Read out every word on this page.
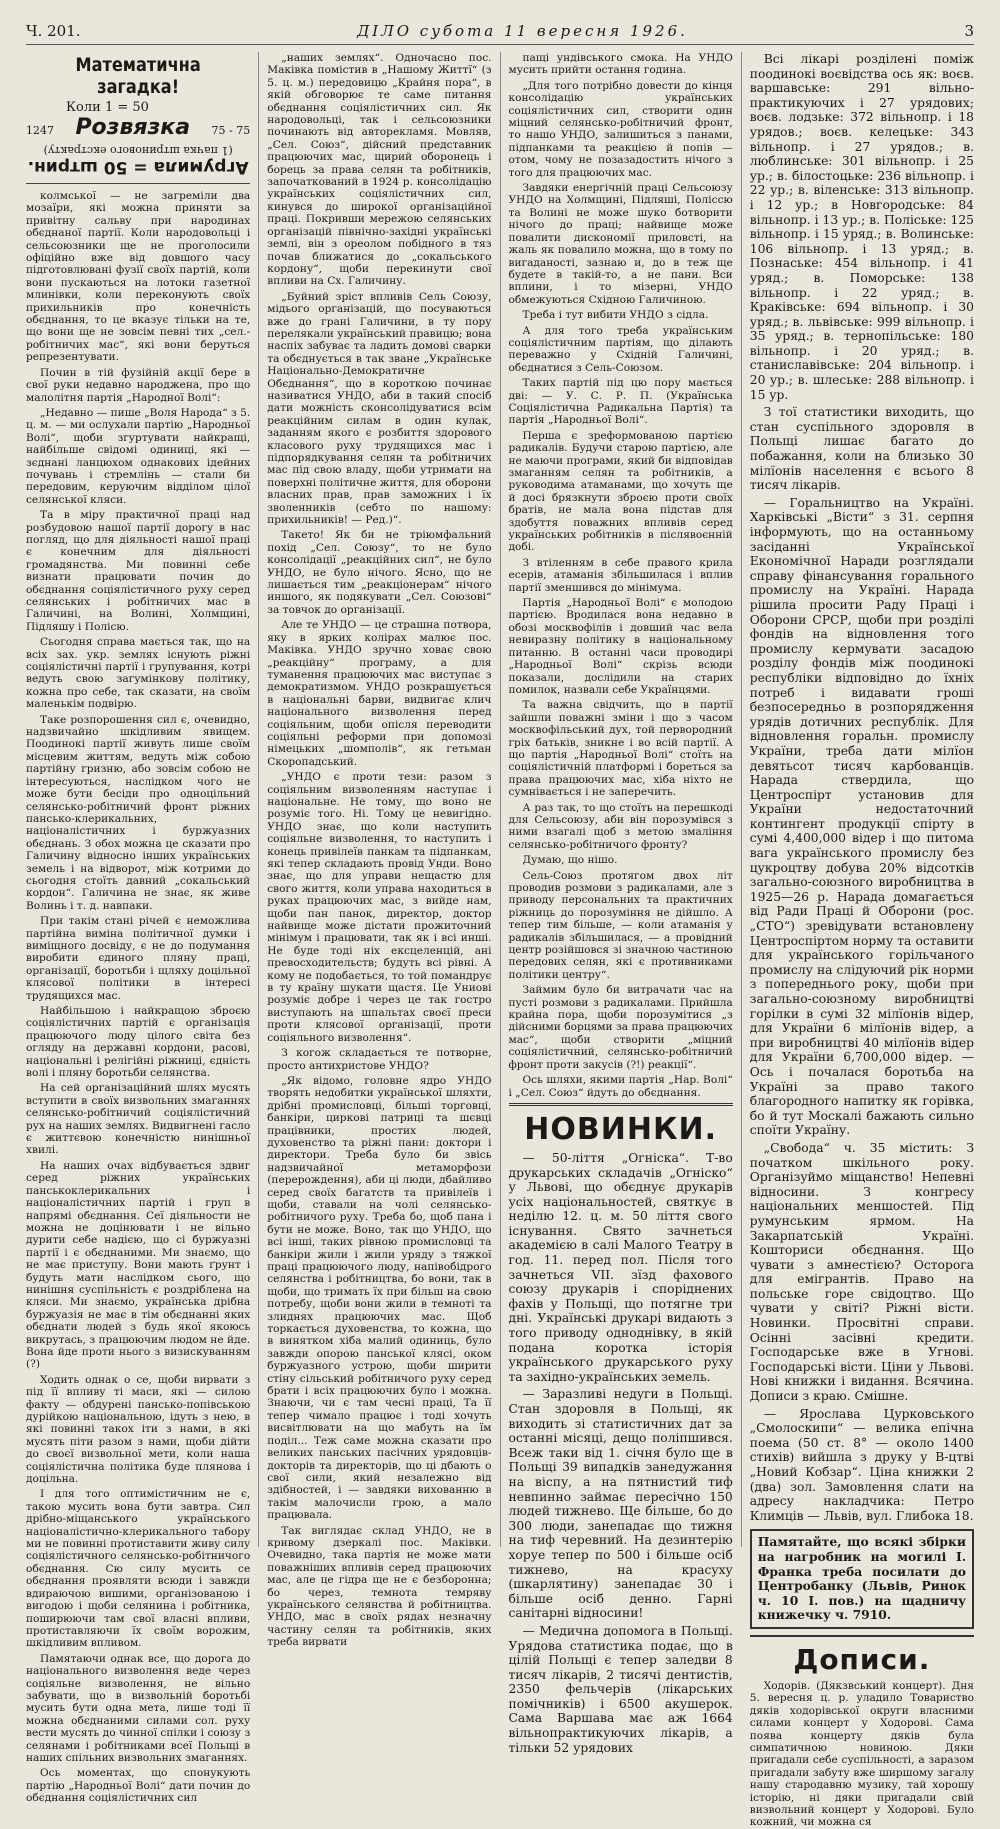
Ч. 201.	ДІЛО субота 11 вересня 1926.	3
Математична загадка!
Коли 1 = 50
1247 Розвязка 75 - 75
Агрумила = 50 штрин.
(1 пачка штринового екстракту)

колмської — не загреміли два мозаїри, які можна приняти за привітну сальву при народинах обєднаної партії. Коли народовольці і сельсоюзники ще не проголосили офіційно вже від довшого часу підготовлювані фузії своїх партій, коли вони пускаються на лотоки газетної млинівки, коли переконують своїх прихильників про конечність обєднання, то це вказує тільки на те, що вони ще не зовсім певні тих „сел.-робітничих мас“, які вони беруться репрезентувати.

Почин в тій фузійній акції бере в свої руки недавно народжена, про що малолітня партія „Народної Волі“:

„Недавно — пише „Воля Народа“ з 5. ц. м. — ми ослухали партію „Народньої Волі“, щоби згуртувати найкращі, найбільше свідомі одиниці, які — зєднані ланцюхом однакових ідейних почувань і стремлінь — стали би передовим, керуючим відділом цілої селянської кляси.

Та в міру практичної праці над розбудовою нашої партії дорогу в нас погляд, що для діяльності нашої праці є конечним для діяльності громадянства. Ми повинні себе визнати працювати почин до обєднання соціялістичного руху серед селянських і робітничих мас в Галичині, на Волині, Холмщині, Підляшу і Полісю.

Сьогодня справа мається так, що на всіх зах. укр. землях існують ріжні соціялістичні партії і групування, котрі ведуть свою загумінкову політику, кожна про себе, так сказати, на своїм маленькім подвірю.

Таке розпорошення сил є, очевидно, надзвичайно шкідливим явищем. Поодинокі партії живуть лише своїм місцевим життям, ведуть між собою партійну гризню, або зовсім собою не інтересуються, наслідком чого не може бути бесіди про одноцільний селянсько-робітничий фронт ріжних пансько-клерикальних, націоналістичних і буржуазних обєднань. З обох можна це сказати про Галичину відносно інших українських земель і на відворот, між котрими до сьогодня стоїть давний „сокальський кордон“. Галичина не знає, як живе Волинь і т. д. навпаки.

При такім стані річей є неможлива партійна виміна політичної думки і виміщного досвіду, є не до подумання виробити єдиного пляну праці, організації, боротьби і щляху доцільної клясової політики в інтересі трудящихся мас.

Найбільшою і найкращою зброєю соціялістичних партій є організація працюючого люду цілого світа без огляду на державні кордони, расові, національні і релігійні ріжниці, єдність волі і пляну боротьби селянства.

На сей організаційний шлях мусять вступити в своїх визвольних змаганнях селянсько-робітничий соціялістичний рух на наших землях. Видвигнені гасло є життєвою конечністю нинішньої хвилі.

На наших очах відбувається здвиг серед ріжних українських панськоклерикальних і націоналістичних партій і груп в напрямі обєднання. Сеї діяльности не можна не доцінювати і не вільно дурити себе надією, що сі буржуазні партії і є обєднаними. Ми знаємо, що не має приступу. Вони мають ґрунт і будуть мати наслідком сього, що нинішня суспільність є роздріблена на кляси. Ми знаємо, українська дрібна буржуазія не має в тім обєднанні яких обєднати людей з будь якої якоюсь викрутась, з працюючим людом не йде. Вона йде проти нього з визискуванням (?)

Ходить однак о се, щоби вирвати з під її впливу ті маси, які — силою факту — обдурені пансько-попівською дурійкою національною, ідуть з нею, в які повинні такох іти з нами, в які мусять піти разом з нами, щоби дійти до своєї визвольної мети, коли наша соціялістична політика буде плянова і доцільна.

І для того оптимістичним не є, такою мусить вона бути завтра. Сил дрібно-міщанського українського націоналістично-клерикального табору ми не повинні протиставити живу силу соціялістичного селянсько-робітничого обєднання. Сю силу мусить се обєднання проявляти всюди і завжди вдираючою вишими, організованою і вигодою і щоби селянина і робітника, поширюючи там свої власні впливи, протиставляючи їх своїм ворожим, шкідливим впливом.

Памятаючи однак все, що дорога до національного визволення веде через соціяльне визволення, не вільно забувати, що в визвольній боротьбі мусить бути одна мета, лише тоді її можна обєднаними силами сол. руху вести мусять до чинної спілки і союзу з селянами і робітниками всеї Польщі в наших спільних визвольних змаганнях.

Ось моментах, що спонукують партію „Народньої Волі“ дати почин до обєднання соціялістичних сил

„наших землях“. Одночасно пос. Маківка помістив в „Нашому Життї“ (з 5. ц. м.) передовицю „Крайня пора“, в якій обговорює те саме питання обєднання соціялістичних сил. Як народовольці, так і сельсоюзники починають від авторекламя. Мовляв, „Сел. Союз“, дійсний представник працюючих мас, щирий оборонець і борець за права селян та робітників, започаткований в 1924 р. консолідацію українських соціялістичних сил, кинувся до широкої організаційної праці. Покривши мережою селянських організацій північно-західні українські землі, він з ореолом побідного в тяз почав ближатися до „сокальського кордону“, щоби перекинути свої впливи на Сх. Галичину.

„Буйний зріст впливів Сель Союзу, мідього організацій, що посуваються вже до грані Галичини, в ту пору перелякали український правицю; вона наспіх забуває та ладить домові сварки та обєднується в так зване „Українське Національно-Демократичне Обєднання“, що в короткою починає називатися УНДО, аби в такий спосіб дати можність сконсолідуватися всім реакційним силам в один кулак, заданням якого є розбиття здорового класового руху трудящихся мас і підпорядкування селян та робітничих мас під свою владу, щоби утримати на поверхні політичне життя, для оборони власних прав, прав заможних і їх зволенників (себто по нашому: прихильників! — Ред.)“.

Такето! Як би не тріюмфальний похід „Сел. Союзу“, то не було консолідації „реакційних сил“, не було УНДО, не було нічого. Ясно, що не лишається тим „реакціонерам“ нічого иншого, як подякувати „Сел. Союзові“ за товчок до організації.

Але те УНДО — це страшна потвора, яку в ярких колірах малює пос. Маківка. УНДО зручно ховає свою „реакційну“ програму, а для туманення працюючих мас виступає з демократизмом. УНДО розкрашується в національні барви, видвигає клич національного визволення перед соціяльним, щоби опісля переводити соціяльні реформи при допомозі німецьких „шомполів“, як гетьман Скоропадський.

„УНДО є проти тези: разом з соціяльним визволенням наступає і національне. Не тому, що воно не розуміє того. Ні. Тому це невигідно. УНДО знає, що коли наступить соціяльне визволення, то наступить і конець привілеїв панкам та підпанкам, які тепер складають провід Унди. Воно знає, що для управи нещастю для свого життя, коли управа находиться в руках працюючих мас, з вийде нам, щоби пан панок, директор, доктор найвище може дістати прожиточний мінімум і працювати, так як і всі инші. Не буде тоді ніх ексцеленцій, ані превосходительств; будуть всі рівні. А кому не подобається, то той помандрує в ту країну шукати щастя. Це Униові розуміє добре і через це так гостро виступають на шпальтах своєї преси проти клясової організації, проти соціяльного визволення“.

З когож складається те потворне, просто антихристове УНДО?

„Як відомо, головне ядро УНДО творять недобитки української шляхти, дрібні промисловці, більші торговці, банкіри, циркові патриці та шєвці працівники, простих людей, духовенство та ріжні пани: доктори і директори. Треба було би звісь надзвичайної метаморфози (перерождення), аби ці люди, дбайливо серед своїх багатств та привілеїв і щоби, ставали на чолі селянсько-робітничого руху. Треба бо, щоб пана і бути не може. Воно, так що УНДО, що всі інші, таких рівною промисловці та банкіри жили і жили уряду з тяжкої праці працюючого люду, напівобідрого селянства і робітництва, бо вони, так в щоби, що тримать їх при більш на свою потребу, щоби вони жили в темноті та злиднях працюючих мас. Щоб торкається духовенства, то кожна, що в винятком хіба малий одиниць, було завжди опорою панської клясі, оком буржуазного устрою, щоби ширити стіну сільський робітничого руху серед брати і всіх працюючих було і можна. Знаючи, чи є там чесні праці, Та її тепер чимало працює і тоді хочуть висвітлювати на що мабуть на їм поділ... Теж саме можна сказати про великих панських пасічних урядовців-докторів та директорів, що ці дбають о свої сили, який незалежно від здібностей, і — завдяки вихованню в такім малочисли грою, а мало працювала.

Так виглядає склад УНДО, не в кривому дзеркалі пос. Маківки. Очевидно, така партія не може мати поважніших впливів серед працюючих мас, але це гідра ще не є безборонна; бо через, темнота темряву українського селянства й робітництва. УНДО, мас в своїх рядах незначну частину селян та робітників, яких треба вирвати

пащі ундівського смока. На УНДО мусить прийти остання година.

„Для того потрібно довести до кінця консолідацію українських соціялістичних сил, створити один міцний селянсько-робітничий фронт, то нашо УНДО, залишиться з панами, підпанками та реакцією й попів — отом, чому не позазадостить нічого з того для працюючих мас.

Завдяки енергічній праці Сельсоюзу УНДО на Холмщині, Підляші, Поліссю та Волині не може шуко ботворити нічого до праці; найвище може повалити дискономії приловсті, на жаль як повалило можна, що в тому по вигаданості, зазнаю и, до в теж ще будете в такій-то, а не пани. Вси вплини, і то мізерні, УНДО обмежуються Східною Галичиною.

Треба і тут вибити УНДО з сідла.

А для того треба українським соціялістичним партіям, що ділають переважно у Східній Галичині, обєднатися з Сель-Союзом.

Таких партій під цю пору мається дві: — У. С. Р. П. (Українська Соціялістична Радикальна Партія) та партія „Народньої Волі“.

Перша є зреформованою партією радикалів. Будучи старою партією, але не маючи програми, який би відповідав змаганням селян та робітників, а руководима атаманами, що хочуть ще й досі брязкнути зброєю проти своїх братів, не мала вона підстав для здобуття поважних впливів серед українських робітників в післявоєнній добі.

З втіленням в себе правого крила есерів, атаманія збільшилася і вплив партії зменшився до мінімума.

Партія „Народньої Волі“ є молодою партією. Вродилася вона недавно в обозі москвофілів і довший час вела невиразну політику в національному питанню. В останні часи проводирі „Народньої Волі“ скрізь всюди показали, дослідили на старих помилок, назвали себе Українцями.

Та важна свідчить, що в партії зайшли поважні зміни і що з часом москвофільський дух, той первородний гріх батьків, зникне і во всій партії. А що партія „Народньої Волі“ стоїть на соціялістичній платформі і бореться за права працюючих мас, хіба ніхто не сумнівається і не заперечить.

А раз так, то що стоїть на перешкоді для Сельсоюзу, аби він порозумівся з ними взагалі щоб з метою змаління селянсько-робітничого фронту?

Думаю, що нішо.

Сель-Союз протягом двох літ проводив розмови з радикалами, але з приводу персональних та практичних ріжниць до порозуміння не дійшло. А тепер тим більше, — коли атаманія у радикалів збільшилася, — а провідний центр розійшовся зі значною частиною передових селян, які є противниками політики центру“.

Займим було би витрачати час на пусті розмови з радикалами. Прийшла крайна пора, щоби порозумітися „з дійсними борцями за права працюючих мас“, щоби створити „міцний соціялістичний, селянсько-робітничий фронт проти закусів (?!) реакції“.

Ось шляхи, якими партія „Нар. Волі“ і „Сел. Союз“ йдуть до обєднання.

НОВИНКИ.

— 50-ліття „Огніска“. Т-во друкарських складачів „Огніско“ у Львові, що обєднує друкарів усіх національностей, святкує в неділю 12. ц. м. 50 ліття свого існування. Свято зачнеться академією в салі Малого Театру в год. 11. перед пол. Після того зачнеться VII. зїзд фахового союзу друкарів і споріднених фахів у Польщі, що потягне три дні. Українські друкарі видають з того приводу одноднівку, в якій подана коротка історія українського друкарського руху та західно-українських земель.

— Заразливі недуги в Польщі. Стан здоровля в Польщі, як виходить зі статистичних дат за останні місяці, дещо поліпшився. Всеж таки від 1. січня було ще в Польщі 39 випадків занедужання на віспу, а на пятнистий тиф невпинно займає пересічно 150 людей тижнево. Ще більше, бо до 300 люди, занепадає що тижня на тиф черевний. На дезинтерію хоруе тепер по 500 і більше осіб тижнево, на красуху (шкарлятину) занепадає 30 і більше осіб денно. Гарні санітарні відносини!

— Медична допомога в Польщі. Урядова статистика подає, що в цілій Польщі є тепер заледви 8 тисяч лікарів, 2 тисячі дентистів, 2350 фельчерів (лікарських помічників) і 6500 акушерок. Сама Варшава має аж 1664 вільнопрактикуючих лікарів, а тільки 52 урядових

Всі лікарі розділені поміж поодинокі воєвідства ось як: воєв. варшавське: 291 вільно-практикуючих і 27 урядових; воєв. лодзьке: 372 вільнопр. і 18 урядов.; воєв. келецьке: 343 вільнопр. і 27 урядов.; в. люблинське: 301 вільнопр. і 25 ур.; в. білостоцьке: 236 вільнопр. і 22 ур.; в. віленське: 313 вільнопр. і 12 ур.; в Новгородське: 84 вільнопр. і 13 ур.; в. Поліське: 125 вільнопр. і 15 уряд.; в. Волинське: 106 вільнопр. і 13 уряд.; в. Познаське: 454 вільнопр. і 41 уряд.; в. Поморське: 138 вільнопр. і 22 уряд.; в. Краківське: 694 вільнопр. і 30 уряд.; в. львівське: 999 вільнопр. і 35 уряд.; в. тернопільське: 180 вільнопр. і 20 уряд.; в. станиславівське: 204 вільнопр. і 20 ур.; в. шлеське: 288 вільнопр. і 15 ур.

З тої статистики виходить, що стан суспільного здоровля в Польщі лишає багато до побажання, коли на близько 30 мілїонів населення є всього 8 тисяч лікарів.

— Горальництво на Україні. Харківські „Вісти“ з 31. серпня інформують, що на останньому засіданні Української Економічної Наради розглядали справу фінансування горального промислу на Україні. Нарада рішила просити Раду Праці і Оборони СРСР, щоби при розділі фондів на відновлення того промислу кермувати засадою розділу фондів між поодинокі республіки відповідно до їхніх потреб і видавати гроші безпосередньо в розпорядження урядів дотичних республік. Для відновлення горальн. промислу України, треба дати мілїон девятьсот тисяч карбованців. Нарада ствердила, що Центроспірт установив для України недостаточний контингент продукції спірту в сумі 4,400,000 відер і що питома вага українського промислу без цукроцтву добува 20% відсотків загально-союзного виробництва в 1925—26 р. Нарада домагається від Ради Праці й Оборони (рос. „СТО“) зревідувати встановлену Центроспіртом норму та оставити для українського горільчаного промислу на слідуючий рік норми з попереднього року, щоби при загально-союзному виробництві горілки в сумі 32 мілїонів відер, для України 6 мілїонів відер, а при виробництві 40 мілїонів відер для України 6,700,000 відер. — Ось і почалася боротьба на Україні за право такого благородного напитку як горівка, бо й тут Москалі бажають сильно споїти Україну.

„Свобода“ ч. 35 містить: З початком шкільного року. Організуймо міщанство! Непевні відносини. З конгресу національних меншостей. Під румунським ярмом. На Закарпатській Україні. Кошториси обєднання. Що чувати з амнестією? Осторога для емігрантів. Право на польське горе свідоцтво. Що чувати у світі? Ріжні вісти. Новинки. Просвітні справи. Осінні засівні кредити. Господарське вже в Угнові. Господарські вісти. Ціни у Львові. Нові книжки і видання. Всячина. Дописи з краю. Смішне.

— Ярослава Цурковського „Смолоскипи“ — велика епічна поема (50 ст. 8° — около 1400 стихів) вийшла з друку у В-цтві „Новий Кобзар“. Ціна книжки 2 (два) зол. Замовлення слати на адресу накладчика: Петро Климців — Львів, вул. Глибока 18.

Памятайте, що всякі збірки на нагробник на могилі І. Франка треба посилати до Центробанку (Львів, Ринок ч. 10 І. пов.) на щадничу книжечку ч. 7910.
Дописи.

Ходорів. (Дякзвський концерт). Дня 5. вересня ц. р. уладило Товариство дяків ходорівської округи власними силами концерт у Ходорові. Сама поява концерту дяків була симпатичною новиною. Дяки пригадали себе суспільності, а заразом пригадали забуту вже ширшому загалу нашу стародавню музику, тай хорошу історію, ні дяки пригадали свій визвольний концерт у Ходорові. Було кожний, чи можна ся
